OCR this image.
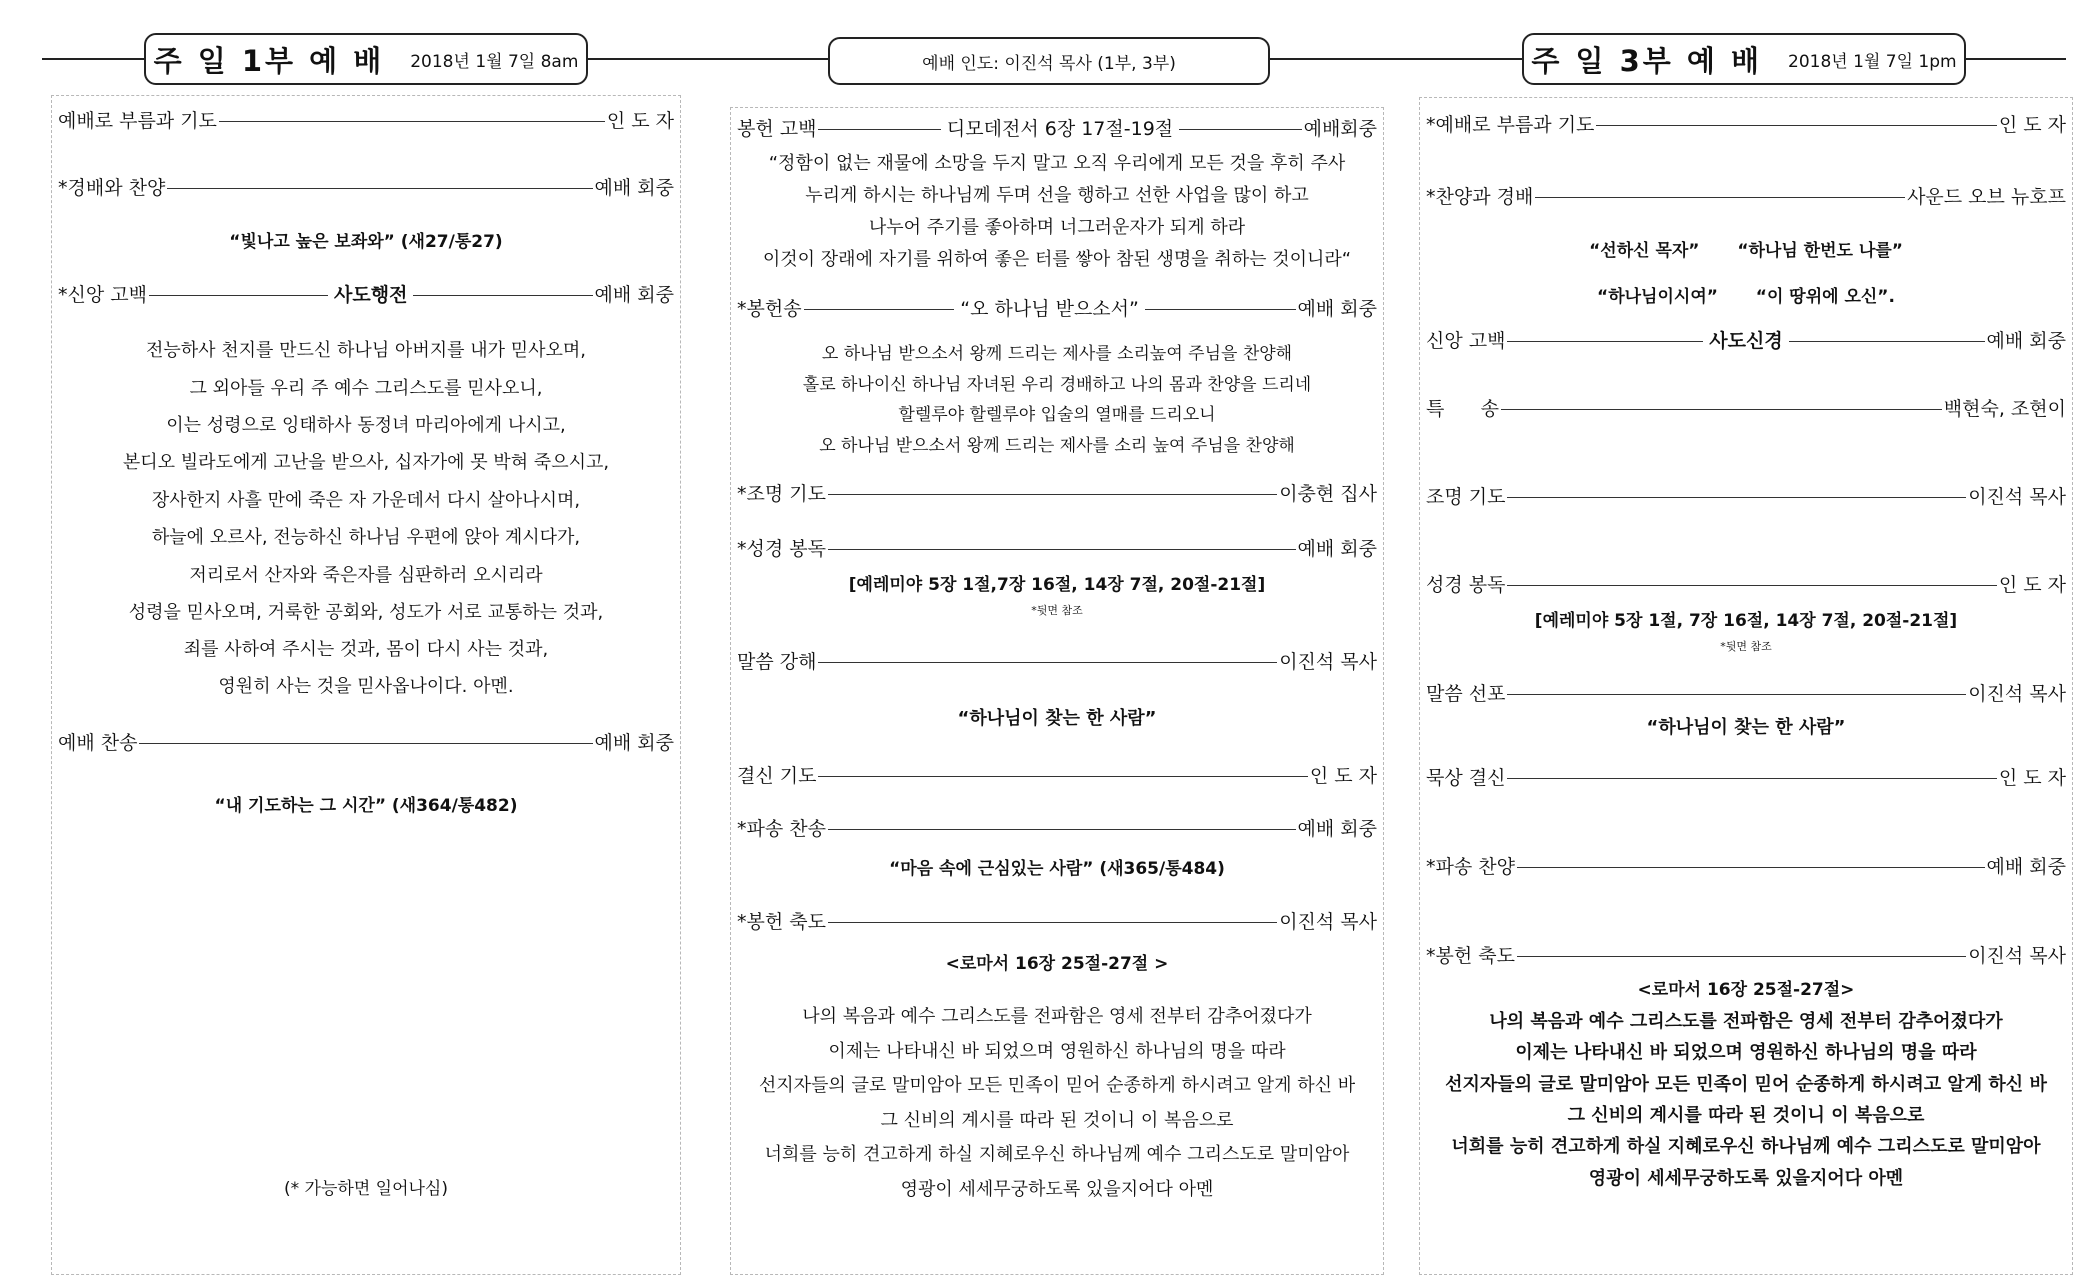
주 일 1부 예 배 2018년 1월 7일 8am	예배 인도: 이진석 목사 (1부, 3부)	주 일 3부 예 배 2018년 1월 7일 1pm
예배로 부름과 기도	인 도 자
*경배와 찬양	예배 회중
“빛나고 높은 보좌와” (새27/통27)
*신앙 고백	사도행전	예배 회중
전능하사 천지를 만드신 하나님 아버지를 내가 믿사오며,
그 외아들 우리 주 예수 그리스도를 믿사오니,
이는 성령으로 잉태하사 동정녀 마리아에게 나시고,
본디오 빌라도에게 고난을 받으사, 십자가에 못 박혀 죽으시고,
장사한지 사흘 만에 죽은 자 가운데서 다시 살아나시며,
하늘에 오르사, 전능하신 하나님 우편에 앉아 계시다가,
저리로서 산자와 죽은자를 심판하러 오시리라
성령을 믿사오며, 거룩한 공회와, 성도가 서로 교통하는 것과,
죄를 사하여 주시는 것과, 몸이 다시 사는 것과,
영원히 사는 것을 믿사옵나이다. 아멘.
예배 찬송	예배 회중
“내 기도하는 그 시간” (새364/통482)
(* 가능하면 일어나심)
봉헌 고백	디모데전서 6장 17절-19절	예배회중
“정함이 없는 재물에 소망을 두지 말고 오직 우리에게 모든 것을 후히 주사
누리게 하시는 하나님께 두며 선을 행하고 선한 사업을 많이 하고
나누어 주기를 좋아하며 너그러운자가 되게 하라
이것이 장래에 자기를 위하여 좋은 터를 쌓아 참된 생명을 취하는 것이니라“
*봉헌송	“오 하나님 받으소서”	예배 회중
오 하나님 받으소서 왕께 드리는 제사를 소리높여 주님을 찬양해
홀로 하나이신 하나님 자녀된 우리 경배하고 나의 몸과 찬양을 드리네
할렐루야 할렐루야 입술의 열매를 드리오니
오 하나님 받으소서 왕께 드리는 제사를 소리 높여 주님을 찬양해
*조명 기도	이충현 집사
*성경 봉독	예배 회중
[예레미야 5장 1절,7장 16절, 14장 7절, 20절-21절]
*뒷면 참조
말씀 강해	이진석 목사
“하나님이 찾는 한 사람”
결신 기도	인 도 자
*파송 찬송	예배 회중
“마음 속에 근심있는 사람” (새365/통484)
*봉헌 축도	이진석 목사
<로마서 16장 25절-27절 >
나의 복음과 예수 그리스도를 전파함은 영세 전부터 감추어졌다가
이제는 나타내신 바 되었으며 영원하신 하나님의 명을 따라
선지자들의 글로 말미암아 모든 민족이 믿어 순종하게 하시려고 알게 하신 바
그 신비의 계시를 따라 된 것이니 이 복음으로
너희를 능히 견고하게 하실 지혜로우신 하나님께 예수 그리스도로 말미암아
영광이 세세무궁하도록 있을지어다 아멘
*예배로 부름과 기도	인 도 자
*찬양과 경배	사운드 오브 뉴호프
“선하신 목자” “하나님 한번도 나를”
“하나님이시여” “이 땅위에 오신”.
신앙 고백	사도신경	예배 회중
특      송	백현숙, 조현이
조명 기도	이진석 목사
성경 봉독	인 도 자
[예레미야 5장 1절, 7장 16절, 14장 7절, 20절-21절]
*뒷면 참조
말씀 선포	이진석 목사
“하나님이 찾는 한 사람”
묵상 결신	인 도 자
*파송 찬양	예배 회중
*봉헌 축도	이진석 목사
<로마서 16장 25절-27절>
나의 복음과 예수 그리스도를 전파함은 영세 전부터 감추어졌다가
이제는 나타내신 바 되었으며 영원하신 하나님의 명을 따라
선지자들의 글로 말미암아 모든 민족이 믿어 순종하게 하시려고 알게 하신 바
그 신비의 계시를 따라 된 것이니 이 복음으로
너희를 능히 견고하게 하실 지혜로우신 하나님께 예수 그리스도로 말미암아
영광이 세세무궁하도록 있을지어다 아멘
